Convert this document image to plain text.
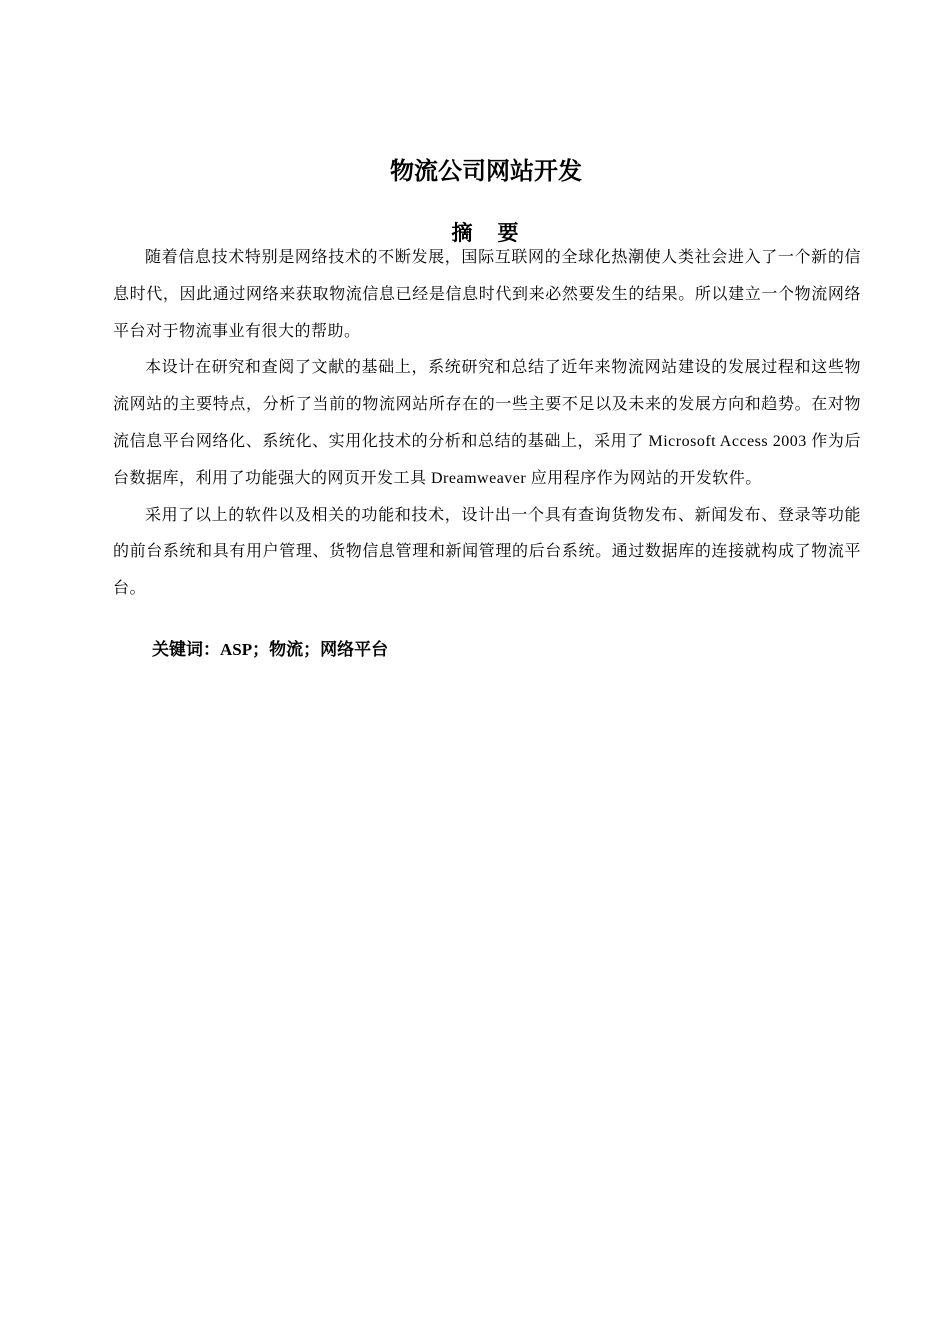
物流公司网站开发
摘　要

随着信息技术特别是网络技术的不断发展，国际互联网的全球化热潮使人类社会进入了一个新的信息时代，因此通过网络来获取物流信息已经是信息时代到来必然要发生的结果。所以建立一个物流网络平台对于物流事业有很大的帮助。

本设计在研究和查阅了文献的基础上，系统研究和总结了近年来物流网站建设的发展过程和这些物流网站的主要特点，分析了当前的物流网站所存在的一些主要不足以及未来的发展方向和趋势。在对物流信息平台网络化、系统化、实用化技术的分析和总结的基础上，采用了 Microsoft Access 2003 作为后台数据库，利用了功能强大的网页开发工具 Dreamweaver 应用程序作为网站的开发软件。

采用了以上的软件以及相关的功能和技术，设计出一个具有查询货物发布、新闻发布、登录等功能的前台系统和具有用户管理、货物信息管理和新闻管理的后台系统。通过数据库的连接就构成了物流平台。

关键词：ASP；物流；网络平台
